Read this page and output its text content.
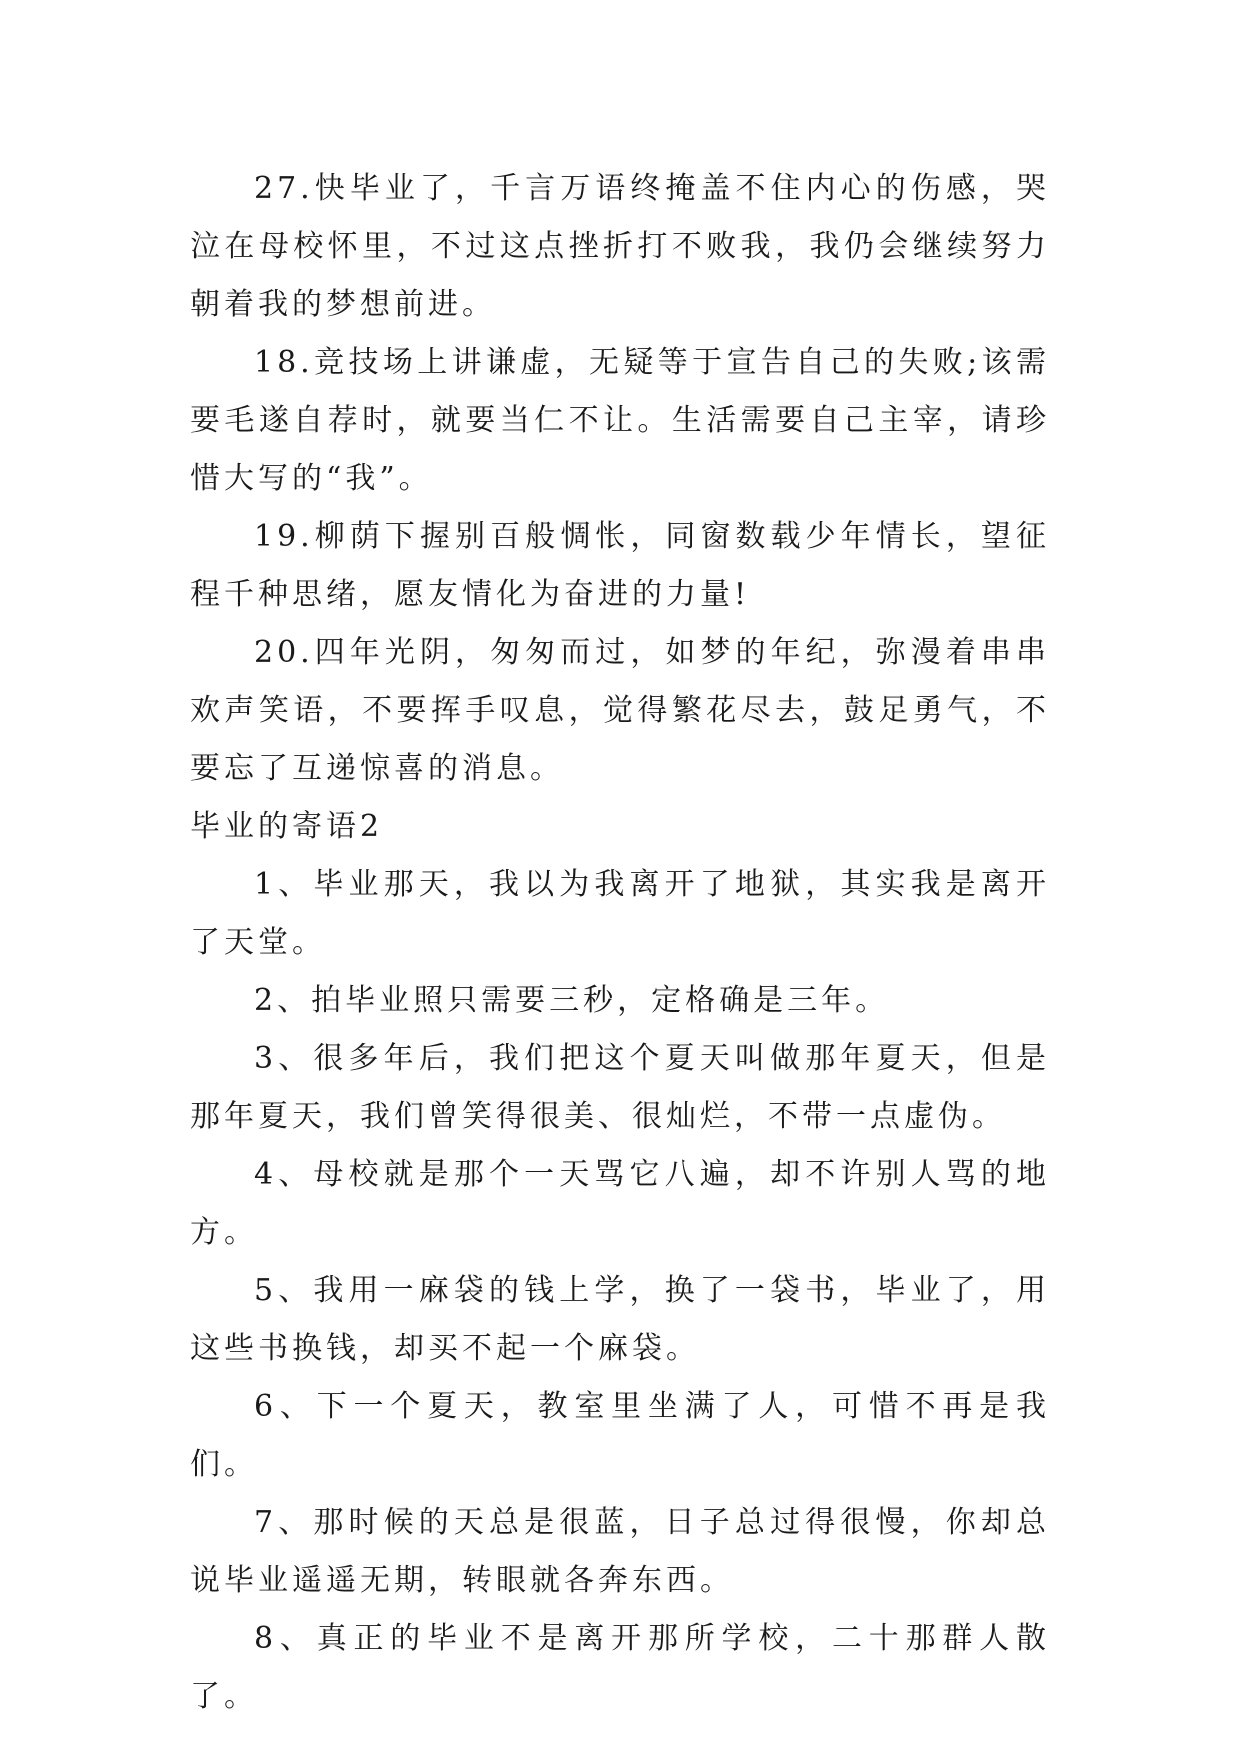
27.快毕业了，千言万语终掩盖不住内心的伤感，哭泣在母校怀里，不过这点挫折打不败我，我仍会继续努力朝着我的梦想前进。

18.竞技场上讲谦虚，无疑等于宣告自己的失败;该需要毛遂自荐时，就要当仁不让。生活需要自己主宰，请珍惜大写的“我”。

19.柳荫下握别百般惆怅，同窗数载少年情长，望征程千种思绪，愿友情化为奋进的力量!

20.四年光阴，匆匆而过，如梦的年纪，弥漫着串串欢声笑语，不要挥手叹息，觉得繁花尽去，鼓足勇气，不要忘了互递惊喜的消息。

毕业的寄语2

1、毕业那天，我以为我离开了地狱，其实我是离开了天堂。

2、拍毕业照只需要三秒，定格确是三年。

3、很多年后，我们把这个夏天叫做那年夏天，但是那年夏天，我们曾笑得很美、很灿烂，不带一点虚伪。

4、母校就是那个一天骂它八遍，却不许别人骂的地方。

5、我用一麻袋的钱上学，换了一袋书，毕业了，用这些书换钱，却买不起一个麻袋。

6、下一个夏天，教室里坐满了人，可惜不再是我们。

7、那时候的天总是很蓝，日子总过得很慢，你却总说毕业遥遥无期，转眼就各奔东西。

8、真正的毕业不是离开那所学校，二十那群人散了。
